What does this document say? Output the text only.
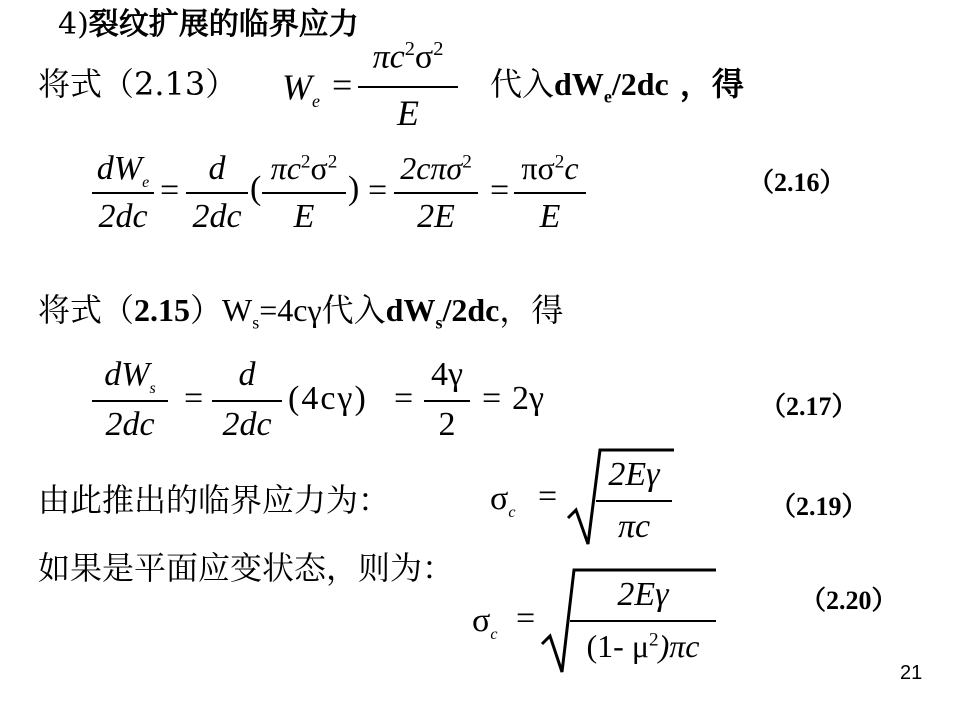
4)裂纹扩展的临界应力
将式（2.13） $W_e$ =
$\pi c^2\sigma^2$
E
代入$dW_e/2dc$ ，得
$dW_e$
2dc
=
d
2dc
(
$\pi c^2\sigma^2$
E
) =
2cπσ$^2$
2E
=
$\pi\sigma^2c$
E
（2.16）
将式$(2.15)W_s=4c\gamma$代入$dW_s/2dc$，得
$dW_s$
2dc
=
d
2dc
(4cγ) =
4γ
2
= 2γ	（2.17）
由此推出的临界应力为：	$\sigma_c$ =
2Eγ
πc
（2.19）
如果是平面应变状态，则为：
$\sigma_c$ =
2Eγ
(1- $\mu^2)\pi c$
（2.20）
21
